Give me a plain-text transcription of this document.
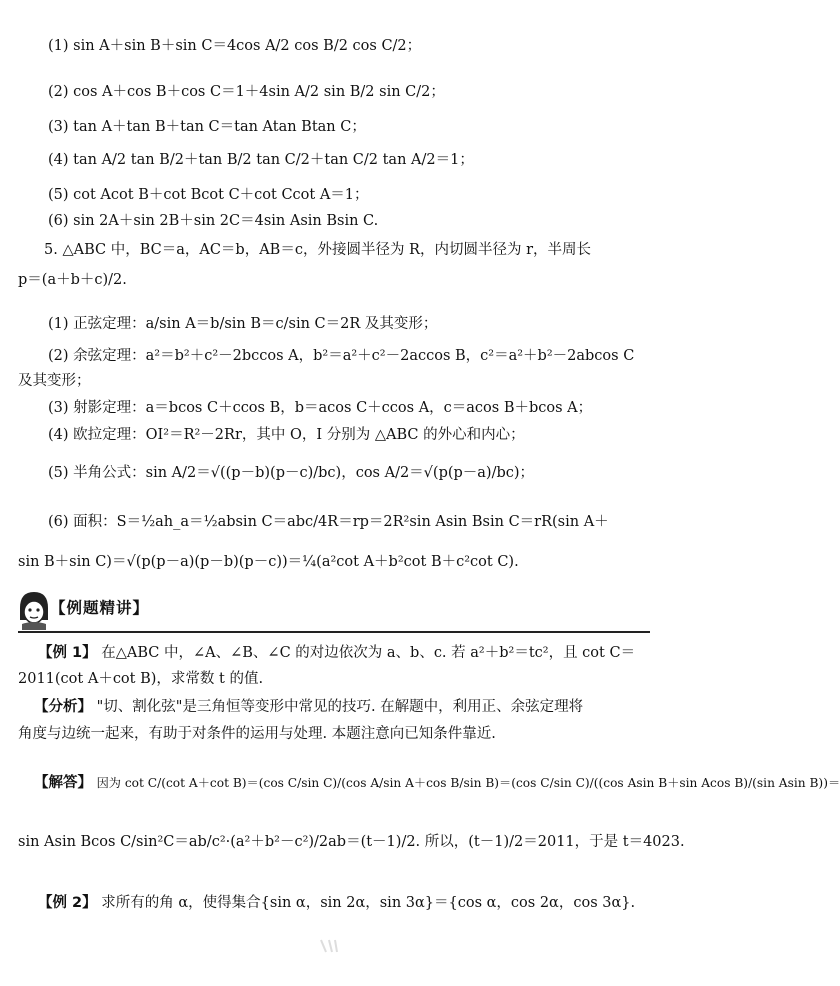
(1) sin A＋sin B＋sin C＝4cos A/2 cos B/2 cos C/2；
(2) cos A＋cos B＋cos C＝1＋4sin A/2 sin B/2 sin C/2；
(3) tan A＋tan B＋tan C＝tan Atan Btan C；
(4) tan A/2 tan B/2＋tan B/2 tan C/2＋tan C/2 tan A/2＝1；
(5) cot Acot B＋cot Bcot C＋cot Ccot A＝1；
(6) sin 2A＋sin 2B＋sin 2C＝4sin Asin Bsin C.
5. △ABC 中，BC＝a，AC＝b，AB＝c，外接圆半径为 R，内切圆半径为 r，半周长
p＝(a＋b＋c)/2.
(1) 正弦定理：a/sin A＝b/sin B＝c/sin C＝2R 及其变形；
(2) 余弦定理：a²＝b²＋c²－2bccos A，b²＝a²＋c²－2accos B，c²＝a²＋b²－2abcos C
及其变形；
(3) 射影定理：a＝bcos C＋ccos B，b＝acos C＋ccos A，c＝acos B＋bcos A；
(4) 欧拉定理：OI²＝R²－2Rr，其中 O，I 分别为 △ABC 的外心和内心；
(5) 半角公式：sin A/2＝√((p－b)(p－c)/bc)，cos A/2＝√(p(p－a)/bc)；
(6) 面积：S＝½ah_a＝½absin C＝abc/4R＝rp＝2R²sin Asin Bsin C＝rR(sin A＋
sin B＋sin C)＝√(p(p－a)(p－b)(p－c))＝¼(a²cot A＋b²cot B＋c²cot C).
【例题精讲】
【例 1】 在△ABC 中，∠A、∠B、∠C 的对边依次为 a、b、c. 若 a²＋b²＝tc²，且 cot C＝
2011(cot A＋cot B)，求常数 t 的值.
【分析】 "切、割化弦"是三角恒等变形中常见的技巧. 在解题中，利用正、余弦定理将
角度与边统一起来，有助于对条件的运用与处理. 本题注意向已知条件靠近.
【解答】 因为 cot C/(cot A＋cot B)＝(cos C/sin C)/(cos A/sin A＋cos B/sin B)＝(cos C/sin C)/((cos Asin B＋sin Acos B)/(sin Asin B))＝
sin Asin Bcos C/sin²C＝ab/c²·(a²＋b²－c²)/2ab＝(t－1)/2. 所以，(t－1)/2＝2011，于是 t＝4023.
【例 2】 求所有的角 α，使得集合{sin α，sin 2α，sin 3α}＝{cos α，cos 2α，cos 3α}.
